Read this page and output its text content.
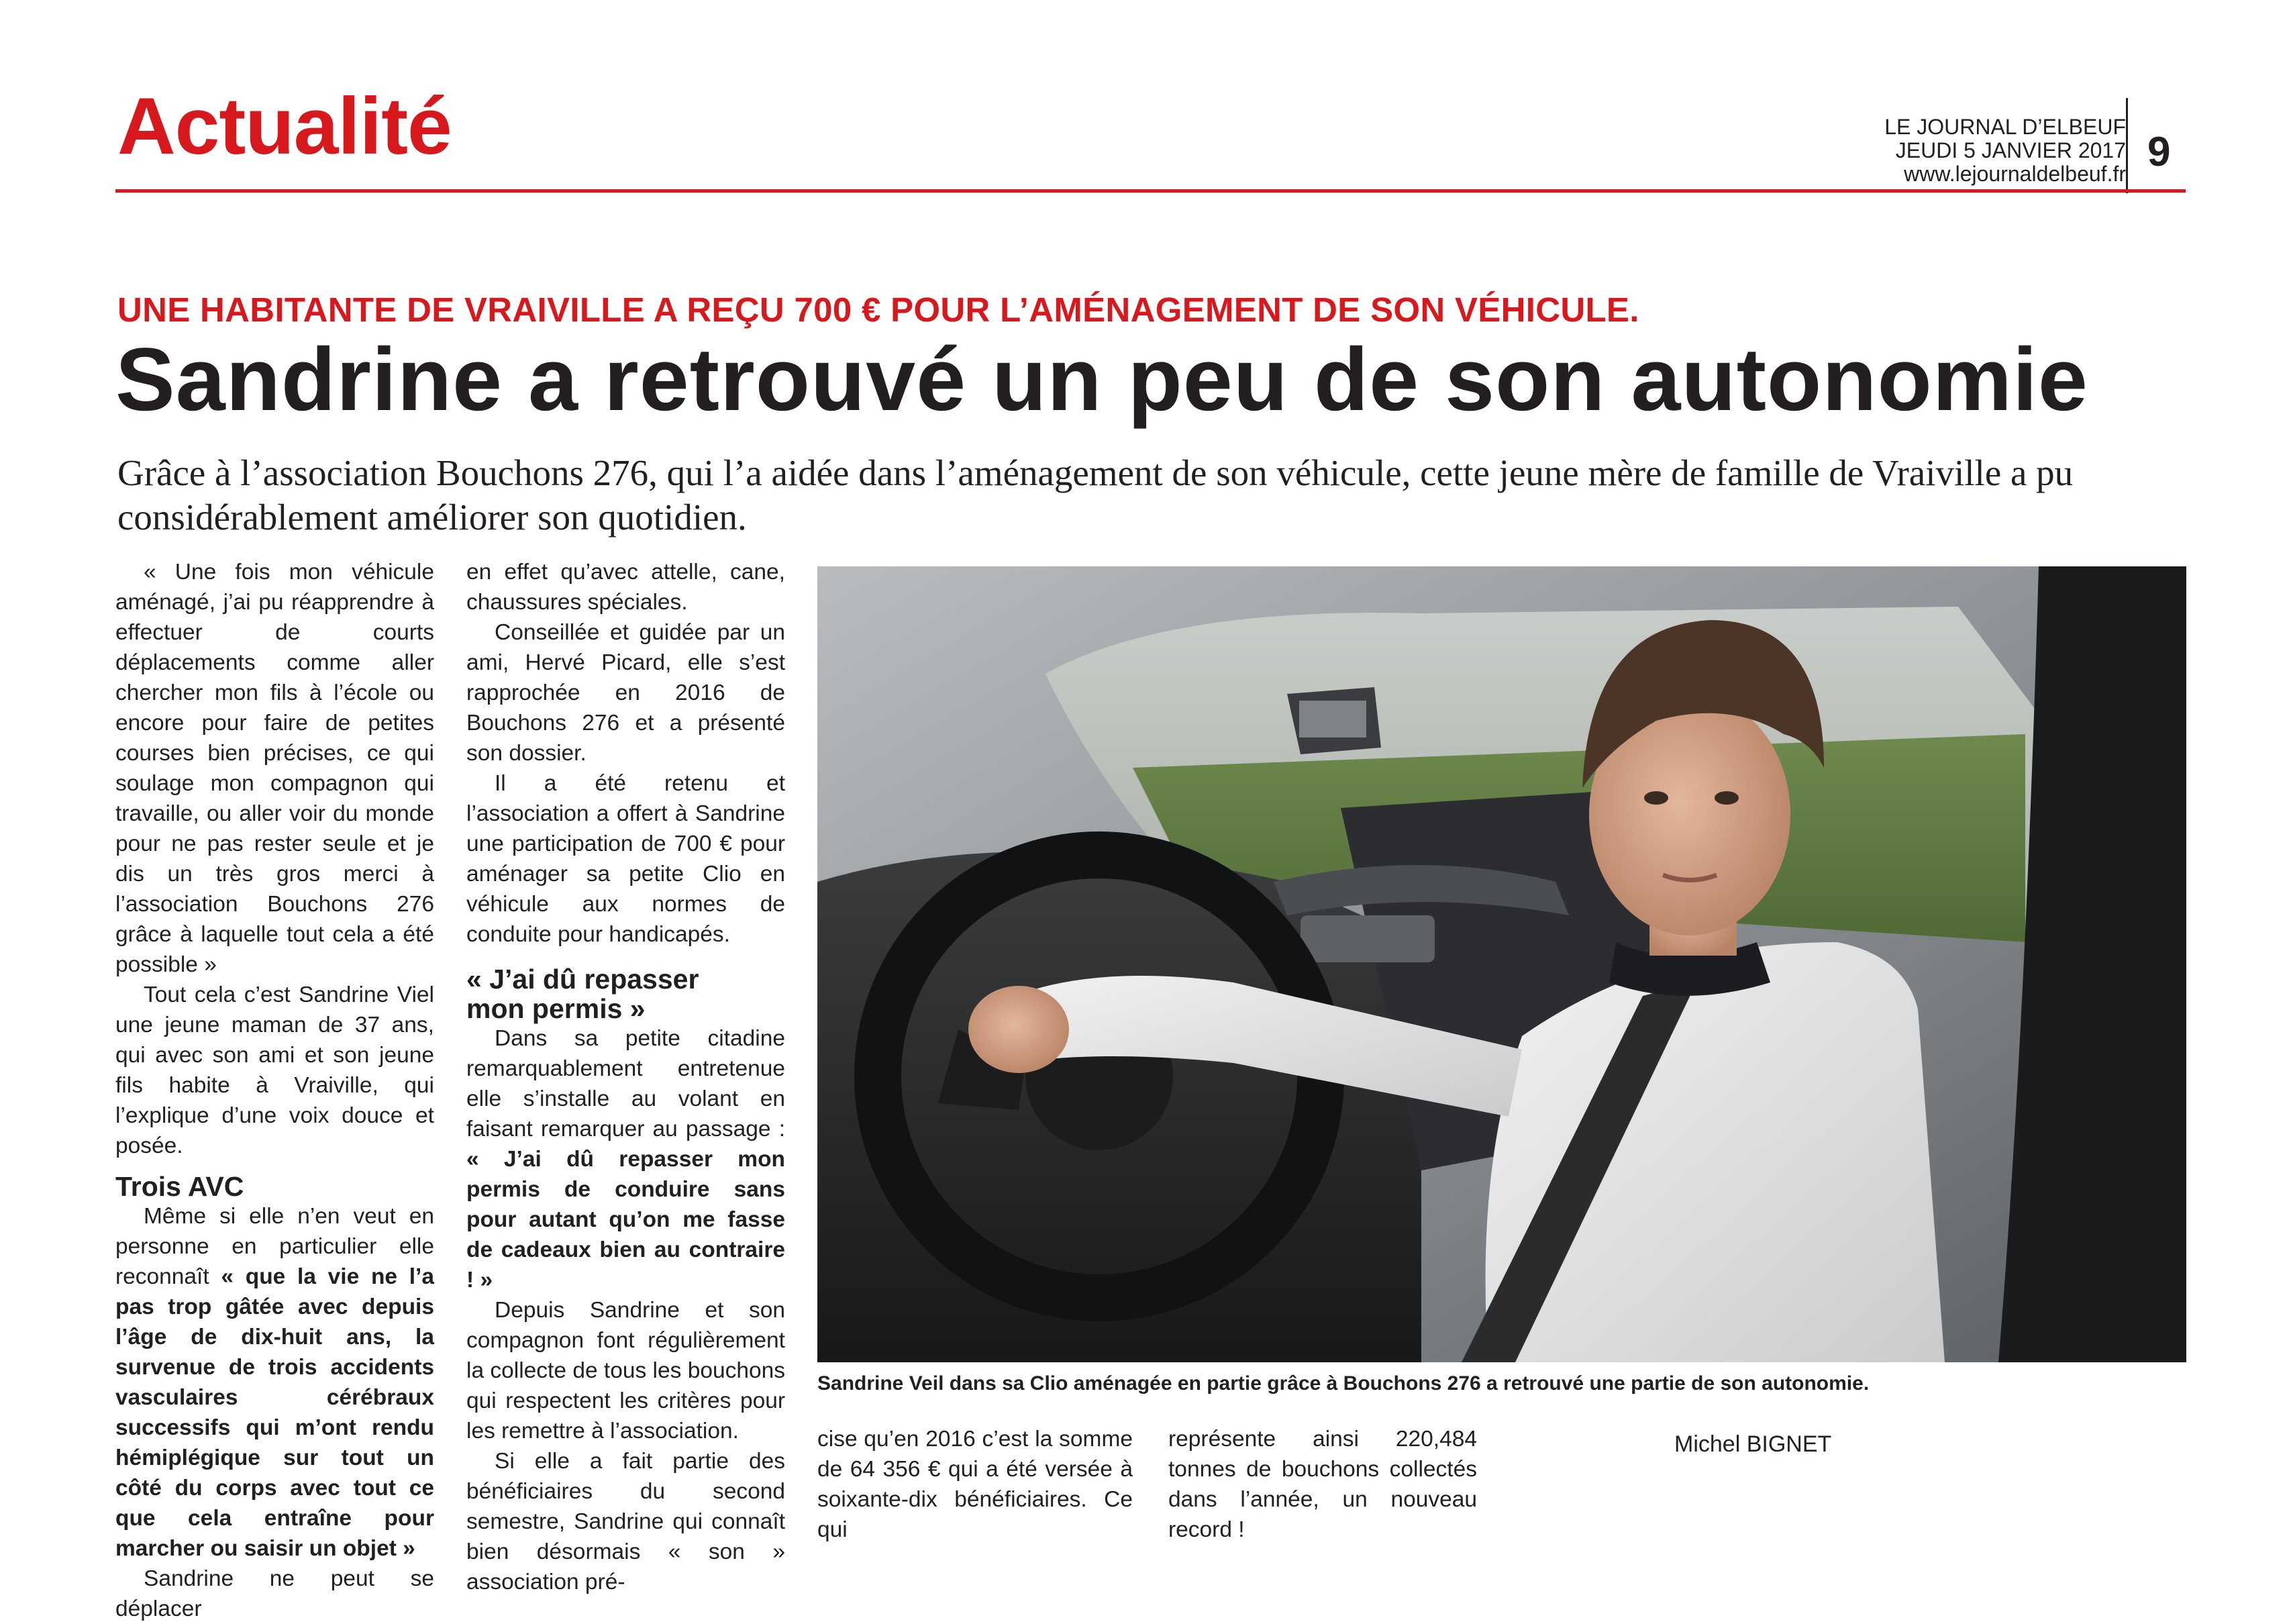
Actualité	LE JOURNAL D’ELBEUF
JEUDI 5 JANVIER 2017
www.lejournaldelbeuf.fr 9
UNE HABITANTE DE VRAIVILLE A REÇU 700 € POUR L’AMÉNAGEMENT DE SON VÉHICULE.
Sandrine a retrouvé un peu de son autonomie
Grâce à l’association Bouchons 276, qui l’a aidée dans l’aménagement de son véhicule, cette jeune mère de famille de Vraiville a pu considérablement améliorer son quotidien.

« Une fois mon véhicule aménagé, j’ai pu réapprendre à effectuer de courts déplacements comme aller chercher mon fils à l’école ou encore pour faire de petites courses bien précises, ce qui soulage mon compagnon qui travaille, ou aller voir du monde pour ne pas rester seule et je dis un très gros merci à l’association Bouchons 276 grâce à laquelle tout cela a été possible »

Tout cela c’est Sandrine Viel une jeune maman de 37 ans, qui avec son ami et son jeune fils habite à Vraiville, qui l’explique d’une voix douce et posée.

Trois AVC

Même si elle n’en veut en personne en particulier elle reconnaît « que la vie ne l’a pas trop gâtée avec depuis l’âge de dix-huit ans, la survenue de trois accidents vasculaires cérébraux successifs qui m’ont rendu hémiplégique sur tout un côté du corps avec tout ce que cela entraîne pour marcher ou saisir un objet »

Sandrine ne peut se déplacer

en effet qu’avec attelle, cane, chaussures spéciales.

Conseillée et guidée par un ami, Hervé Picard, elle s’est rapprochée en 2016 de Bouchons 276 et a présenté son dossier.

Il a été retenu et l’association a offert à Sandrine une participation de 700 € pour aménager sa petite Clio en véhicule aux normes de conduite pour handicapés.

« J’ai dû repasser
mon permis »

Dans sa petite citadine remarquablement entretenue elle s’installe au volant en faisant remarquer au passage : « J’ai dû repasser mon permis de conduire sans pour autant qu’on me fasse de cadeaux bien au contraire ! »

Depuis Sandrine et son compagnon font régulièrement la collecte de tous les bouchons qui respectent les critères pour les remettre à l’association.

Si elle a fait partie des bénéficiaires du second semestre, Sandrine qui connaît bien désormais « son » association pré-

Sandrine Veil dans sa Clio aménagée en partie grâce à Bouchons 276 a retrouvé une partie de son autonomie.

cise qu’en 2016 c’est la somme de 64 356 € qui a été versée à soixante-dix bénéficiaires. Ce qui

représente ainsi 220,484 tonnes de bouchons collectés dans l’année, un nouveau record !

Michel BIGNET
